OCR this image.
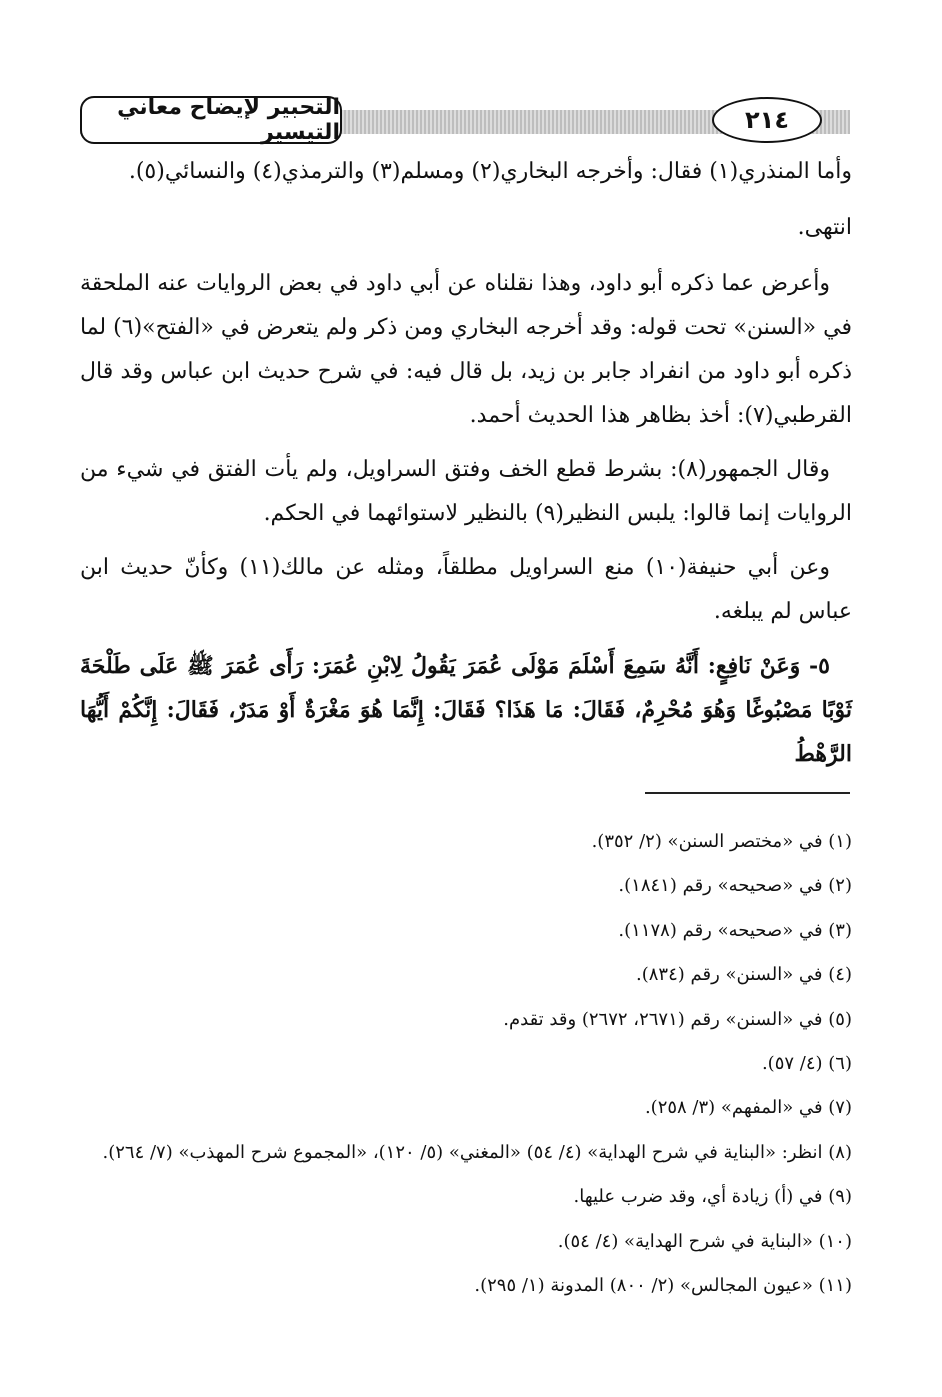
التحبير لإيضاح معاني التيسير	٢١٤

وأما المنذري(١) فقال: وأخرجه البخاري(٢) ومسلم(٣) والترمذي(٤) والنسائي(٥).

انتهى.

وأعرض عما ذكره أبو داود، وهذا نقلناه عن أبي داود في بعض الروايات عنه الملحقة في «السنن» تحت قوله: وقد أخرجه البخاري ومن ذكر ولم يتعرض في «الفتح»(٦) لما ذكره أبو داود من انفراد جابر بن زيد، بل قال فيه: في شرح حديث ابن عباس وقد قال القرطبي(٧): أخذ بظاهر هذا الحديث أحمد.

وقال الجمهور(٨): بشرط قطع الخف وفتق السراويل، ولم يأت الفتق في شيء من الروايات إنما قالوا: يلبس النظير(٩) بالنظير لاستوائهما في الحكم.

وعن أبي حنيفة(١٠) منع السراويل مطلقاً، ومثله عن مالك(١١) وكأنّ حديث ابن عباس لم يبلغه.

٥- وَعَنْ نَافِعٍ: أَنَّهُ سَمِعَ أَسْلَمَ مَوْلَى عُمَرَ يَقُولُ لِابْنِ عُمَرَ: رَأَى عُمَرَ ﷺ عَلَى طَلْحَةَ ثَوْبًا مَصْبُوغًا وَهُوَ مُحْرِمٌ، فَقَالَ: مَا هَذَا؟ فَقَالَ: إِنَّمَا هُوَ مَغْرَةٌ أَوْ مَدَرٌ، فَقَالَ: إِنَّكُمْ أَيُّهَا الرَّهْطُ

(١) في «مختصر السنن» (٢/ ٣٥٢).
(٢) في «صحيحه» رقم (١٨٤١).
(٣) في «صحيحه» رقم (١١٧٨).
(٤) في «السنن» رقم (٨٣٤).
(٥) في «السنن» رقم (٢٦٧١، ٢٦٧٢) وقد تقدم.
(٦) (٤/ ٥٧).
(٧) في «المفهم» (٣/ ٢٥٨).
(٨) انظر: «البناية في شرح الهداية» (٤/ ٥٤) «المغني» (٥/ ١٢٠)، «المجموع شرح المهذب» (٧/ ٢٦٤).
(٩) في (أ) زيادة أي، وقد ضرب عليها.
(١٠) «البناية في شرح الهداية» (٤/ ٥٤).
(١١) «عيون المجالس» (٢/ ٨٠٠) المدونة (١/ ٢٩٥).
